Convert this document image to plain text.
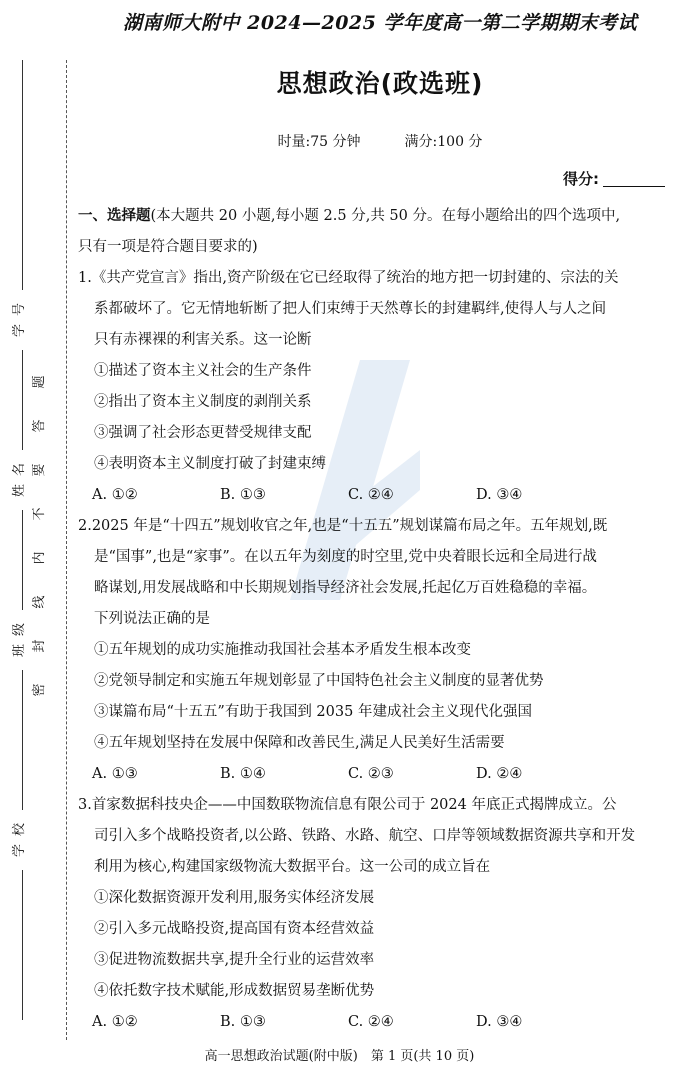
学号
姓名
班级
学校
题
答
要
不
内
线
封
密
湖南师大附中 2024—2025 学年度高一第二学期期末考试
思想政治(政选班)
时量:75 分钟	满分:100 分
得分:
一、选择题(本大题共 20 小题,每小题 2.5 分,共 50 分。在每小题给出的四个选项中,
只有一项是符合题目要求的)
1.《共产党宣言》指出,资产阶级在它已经取得了统治的地方把一切封建的、宗法的关
系都破坏了。它无情地斩断了把人们束缚于天然尊长的封建羁绊,使得人与人之间
只有赤裸裸的利害关系。这一论断
①描述了资本主义社会的生产条件
②指出了资本主义制度的剥削关系
③强调了社会形态更替受规律支配
④表明资本主义制度打破了封建束缚
A. ①②	B. ①③	C. ②④	D. ③④
2.2025 年是“十四五”规划收官之年,也是“十五五”规划谋篇布局之年。五年规划,既
是“国事”,也是“家事”。在以五年为刻度的时空里,党中央着眼长远和全局进行战
略谋划,用发展战略和中长期规划指导经济社会发展,托起亿万百姓稳稳的幸福。
下列说法正确的是
①五年规划的成功实施推动我国社会基本矛盾发生根本改变
②党领导制定和实施五年规划彰显了中国特色社会主义制度的显著优势
③谋篇布局“十五五”有助于我国到 2035 年建成社会主义现代化强国
④五年规划坚持在发展中保障和改善民生,满足人民美好生活需要
A. ①③	B. ①④	C. ②③	D. ②④
3.首家数据科技央企——中国数联物流信息有限公司于 2024 年底正式揭牌成立。公
司引入多个战略投资者,以公路、铁路、水路、航空、口岸等领域数据资源共享和开发
利用为核心,构建国家级物流大数据平台。这一公司的成立旨在
①深化数据资源开发利用,服务实体经济发展
②引入多元战略投资,提高国有资本经营效益
③促进物流数据共享,提升全行业的运营效率
④依托数字技术赋能,形成数据贸易垄断优势
A. ①②	B. ①③	C. ②④	D. ③④
高一思想政治试题(附中版)　第 1 页(共 10 页)
